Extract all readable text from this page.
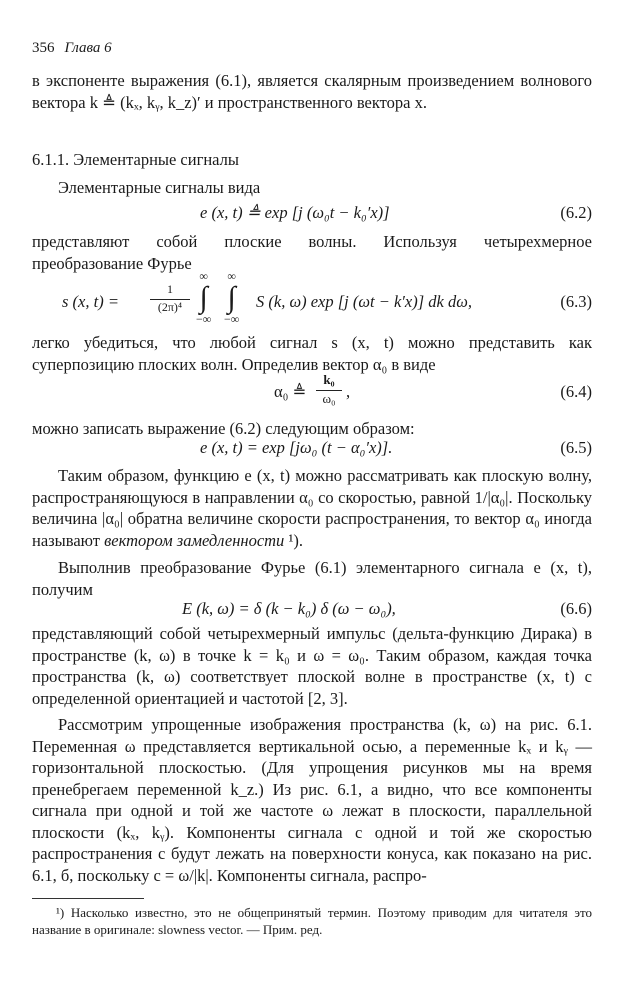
356 Глава 6

в экспоненте выражения (6.1), является скалярным произведением волнового вектора k ≜ (kₓ, kᵧ, k_z)′ и пространственного вектора x.

6.1.1. Элементарные сигналы

Элементарные сигналы вида

e (x, t) ≜ exp [j (ω₀t − k₀′x)]	(6.2)

представляют собой плоские волны. Используя четырехмерное преобразование Фурье

s (x, t) =
1
(2π)⁴
∞
∫
−∞
∞
∫
−∞
S (k, ω) exp [j (ωt − k′x)] dk dω,	(6.3)

легко убедиться, что любой сигнал s (x, t) можно представить как суперпозицию плоских волн. Определив вектор α₀ в виде

α₀ ≜
k₀
ω₀ ,	(6.4)

можно записать выражение (6.2) следующим образом:

e (x, t) = exp [jω₀ (t − α₀′x)].	(6.5)

Таким образом, функцию e (x, t) можно рассматривать как плоскую волну, распространяющуюся в направлении α₀ со скоростью, равной 1/|α₀|. Поскольку величина |α₀| обратна величине скорости распространения, то вектор α₀ иногда называют вектором замедленности ¹).

Выполнив преобразование Фурье (6.1) элементарного сигнала e (x, t), получим

E (k, ω) = δ (k − k₀) δ (ω − ω₀),	(6.6)

представляющий собой четырехмерный импульс (дельта-функцию Дирака) в пространстве (k, ω) в точке k = k₀ и ω = ω₀. Таким образом, каждая точка пространства (k, ω) соответствует плоской волне в пространстве (x, t) с определенной ориентацией и частотой [2, 3].

Рассмотрим упрощенные изображения пространства (k, ω) на рис. 6.1. Переменная ω представляется вертикальной осью, а переменные kₓ и kᵧ — горизонтальной плоскостью. (Для упрощения рисунков мы на время пренебрегаем переменной k_z.) Из рис. 6.1, а видно, что все компоненты сигнала при одной и той же частоте ω лежат в плоскости, параллельной плоскости (kₓ, kᵧ). Компоненты сигнала с одной и той же скоростью распространения c будут лежать на поверхности конуса, как показано на рис. 6.1, б, поскольку c = ω/|k|. Компоненты сигнала, распро-

¹) Насколько известно, это не общепринятый термин. Поэтому приводим для читателя это название в оригинале: slowness vector. — Прим. ред.
